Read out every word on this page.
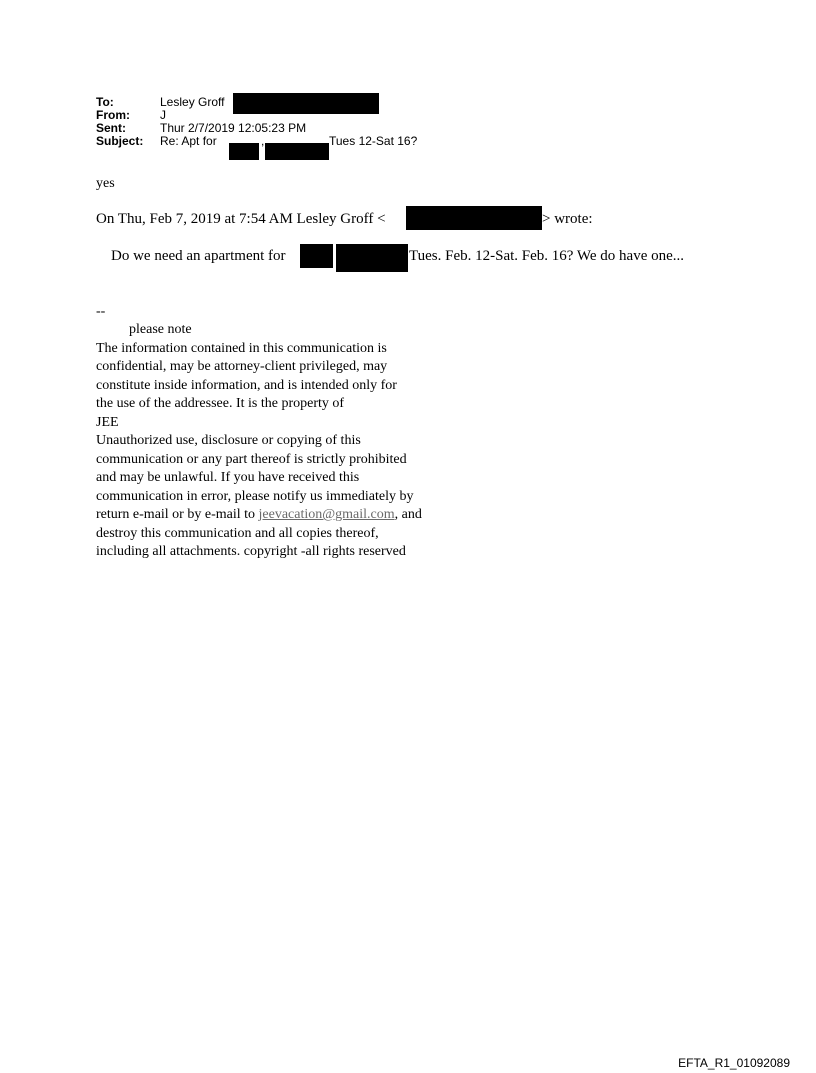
To:	Lesley Groff
From:	J
Sent:	Thur 2/7/2019 12:05:23 PM
Subject: Re: Apt for	,	Tues 12-Sat 16?
yes
On Thu, Feb 7, 2019 at 7:54 AM Lesley Groff <	> wrote:
Do we need an apartment for	Tues. Feb. 12-Sat. Feb. 16? We do have one...
--
please note
The information contained in this communication is
confidential, may be attorney-client privileged, may
constitute inside information, and is intended only for
the use of the addressee. It is the property of
JEE
Unauthorized use, disclosure or copying of this
communication or any part thereof is strictly prohibited
and may be unlawful. If you have received this
communication in error, please notify us immediately by
return e-mail or by e-mail to jeevacation@gmail.com, and
destroy this communication and all copies thereof,
including all attachments. copyright -all rights reserved
EFTA_R1_01092089
